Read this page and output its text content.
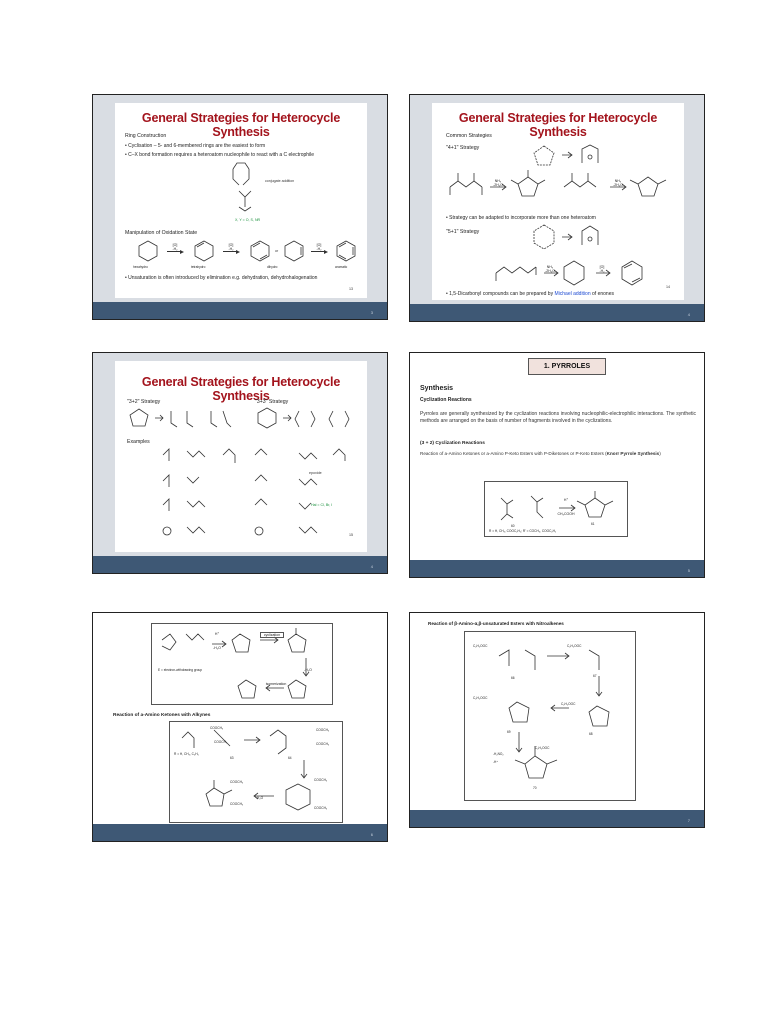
General Strategies for Heterocycle Synthesis
Ring Construction
• Cyclisation – 5- and 6-membered rings are the easiest to form
• C–X bond formation requires a heteroatom nucleophile to react with a C electrophile
conjugate addition
X, Y = O, S, NR
Manipulation of Oxidation State
[O]
-H₂
[O]
-H₂	or
[O]
-H₂
hexahydro	tetrahydro	dihydro	aromatic
• Unsaturation is often introduced by elimination e.g. dehydration, dehydrohalogenation
13
3
General Strategies for Heterocycle Synthesis
Common Strategies
"4+1" Strategy
NH₃
-2H₂O
NH₃
-2H₂O
• Strategy can be adapted to incorporate more than one heteroatom
"5+1" Strategy
NH₃
-2H₂O
[O]
-H₂
• 1,5-Dicarbonyl compounds can be prepared by Michael addition of enones
14
4
General Strategies for Heterocycle Synthesis
"3+2" Strategy	"3+3" Strategy
Examples
epoxide
Hal = Cl, Br, I
15
4
1. PYRROLES
Synthesis
Cyclization Reactions
Pyrroles are generally synthesized by the cyclization reactions involving nucleophilic-electrophilic interactions. The synthetic methods are arranged on the basis of number of fragments involved in the cyclizations.
(3 + 2) Cyclization Reactions
Reaction of a-Amino Ketones or a-Amino P-Keto Esters with P-Diketones or P-Keto Esters (Knorr Pyrrole Synthesis)
H⁺
CH₃COOH
60	61
R = H, CH₃, COOC₂H₅; R' = COCH₃, COOC₂H₅
5
H⁺
-H₂O
cyclization
isomerization
-H₂O
E = electron-withdrawing group
Reaction of a-Amino Ketones with Alkynes
COOCH₃
COOCH₃
COOCH₃
COOCH₃
R = H, CH₃, C₆H₅
63	64
COOCH₃
COOCH₃
COOCH₃
COOCH₃
-H₂O
6
Reaction of β-Amino-α,β-unsaturated Esters with Nitroalkenes
C₂H₅OOC	C₂H₅OOC
66	67
C₂H₅OOC
C₂H₅OOC
69	68
C₂H₅OOC
-H₂NO₂
-H⁺
70
7
